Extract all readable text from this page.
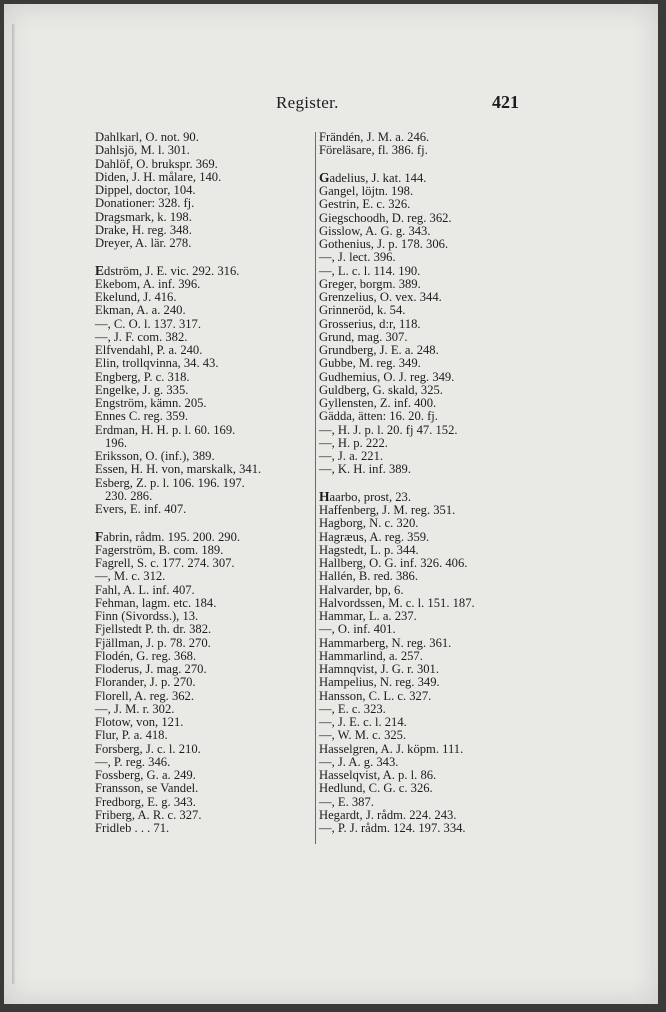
Register.	421
Dahlkarl, O. not. 90.
Dahlsjö, M. l. 301.
Dahlöf, O. brukspr. 369.
Diden, J. H. målare, 140.
Dippel, doctor, 104.
Donationer: 328. fj.
Dragsmark, k. 198.
Drake, H. reg. 348.
Dreyer, A. lär. 278.
Edström, J. E. vic. 292. 316.
Ekebom, A. inf. 396.
Ekelund, J. 416.
Ekman, A. a. 240.
—, C. O. l. 137. 317.
—, J. F. com. 382.
Elfvendahl, P. a. 240.
Elin, trollqvinna, 34. 43.
Engberg, P. c. 318.
Engelke, J. g. 335.
Engström, kämn. 205.
Ennes C. reg. 359.
Erdman, H. H. p. l. 60. 169.
196.
Eriksson, O. (inf.), 389.
Essen, H. H. von, marskalk, 341.
Esberg, Z. p. l. 106. 196. 197.
230. 286.
Evers, E. inf. 407.
Fabrin, rådm. 195. 200. 290.
Fagerström, B. com. 189.
Fagrell, S. c. 177. 274. 307.
—, M. c. 312.
Fahl, A. L. inf. 407.
Fehman, lagm. etc. 184.
Finn (Sivordss.), 13.
Fjellstedt P. th. dr. 382.
Fjällman, J. p. 78. 270.
Flodén, G. reg. 368.
Floderus, J. mag. 270.
Florander, J. p. 270.
Florell, A. reg. 362.
—, J. M. r. 302.
Flotow, von, 121.
Flur, P. a. 418.
Forsberg, J. c. l. 210.
—, P. reg. 346.
Fossberg, G. a. 249.
Fransson, se Vandel.
Fredborg, E. g. 343.
Friberg, A. R. c. 327.
Fridleb . . . 71.
Frändén, J. M. a. 246.
Föreläsare, fl. 386. fj.
Gadelius, J. kat. 144.
Gangel, löjtn. 198.
Gestrin, E. c. 326.
Giegschoodh, D. reg. 362.
Gisslow, A. G. g. 343.
Gothenius, J. p. 178. 306.
—, J. lect. 396.
—, L. c. l. 114. 190.
Greger, borgm. 389.
Grenzelius, O. vex. 344.
Grinneröd, k. 54.
Grosserius, d:r, 118.
Grund, mag. 307.
Grundberg, J. E. a. 248.
Gubbe, M. reg. 349.
Gudhemius, O. J. reg. 349.
Guldberg, G. skald, 325.
Gyllensten, Z. inf. 400.
Gädda, ätten: 16. 20. fj.
—, H. J. p. l. 20. fj 47. 152.
—, H. p. 222.
—, J. a. 221.
—, K. H. inf. 389.
Haarbo, prost, 23.
Haffenberg, J. M. reg. 351.
Hagborg, N. c. 320.
Hagræus, A. reg. 359.
Hagstedt, L. p. 344.
Hallberg, O. G. inf. 326. 406.
Hallén, B. red. 386.
Halvarder, bp, 6.
Halvordssen, M. c. l. 151. 187.
Hammar, L. a. 237.
—, O. inf. 401.
Hammarberg, N. reg. 361.
Hammarlind, a. 257.
Hamnqvist, J. G. r. 301.
Hampelius, N. reg. 349.
Hansson, C. L. c. 327.
—, E. c. 323.
—, J. E. c. l. 214.
—, W. M. c. 325.
Hasselgren, A. J. köpm. 111.
—, J. A. g. 343.
Hasselqvist, A. p. l. 86.
Hedlund, C. G. c. 326.
—, E. 387.
Hegardt, J. rådm. 224. 243.
—, P. J. rådm. 124. 197. 334.
